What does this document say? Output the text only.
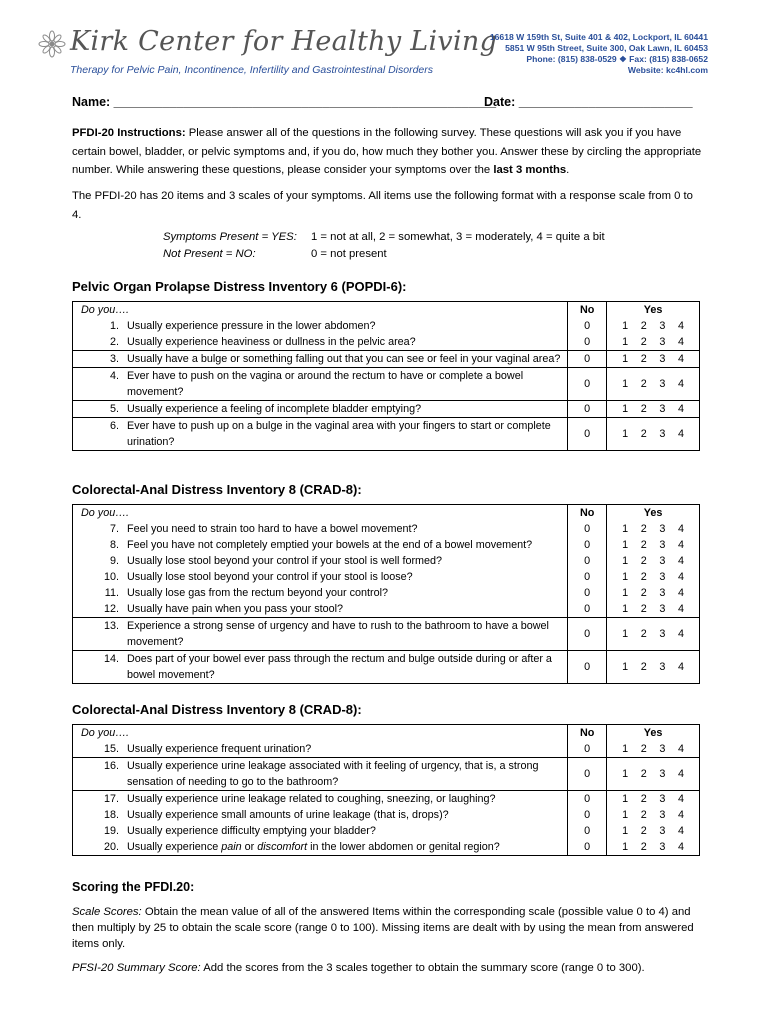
Kirk Center for Healthy Living
Therapy for Pelvic Pain, Incontinence, Infertility and Gastrointestinal Disorders
16618 W 159th St, Suite 401 & 402, Lockport, IL 60441
5851 W 95th Street, Suite 300, Oak Lawn, IL 60453
Phone: (815) 838-0529 ❖ Fax: (815) 838-0652
Website: kc4hl.com
Name: _______________________________________________________
Date: _________________________
PFDI-20 Instructions: Please answer all of the questions in the following survey. These questions will ask you if you have certain bowel, bladder, or pelvic symptoms and, if you do, how much they bother you. Answer these by circling the appropriate number. While answering these questions, please consider your symptoms over the last 3 months.
The PFDI-20 has 20 items and 3 scales of your symptoms. All items use the following format with a response scale from 0 to 4.
Symptoms Present = YES: 1 = not at all, 2 = somewhat, 3 = moderately, 4 = quite a bit
Not Present = NO:	0 = not present
Pelvic Organ Prolapse Distress Inventory 6 (POPDI-6):
Do you….	No	Yes

1. Usually experience pressure in the lower abdomen?	0	1 2 3 4

2. Usually experience heaviness or dullness in the pelvic area?	0	1 2 3 4

3. Usually have a bulge or something falling out that you can see or feel in your vaginal area?	0	1 2 3 4

4. Ever have to push on the vagina or around the rectum to have or complete a bowel movement?	0	1 2 3 4

5. Usually experience a feeling of incomplete bladder emptying?	0	1 2 3 4

6. Ever have to push up on a bulge in the vaginal area with your fingers to start or complete urination?	0	1 2 3 4
Colorectal-Anal Distress Inventory 8 (CRAD-8):
Do you….	No	Yes

7. Feel you need to strain too hard to have a bowel movement?	0	1 2 3 4

8. Feel you have not completely emptied your bowels at the end of a bowel movement?	0	1 2 3 4

9. Usually lose stool beyond your control if your stool is well formed?	0	1 2 3 4

10. Usually lose stool beyond your control if your stool is loose?	0	1 2 3 4

11. Usually lose gas from the rectum beyond your control?	0	1 2 3 4

12. Usually have pain when you pass your stool?	0	1 2 3 4

13. Experience a strong sense of urgency and have to rush to the bathroom to have a bowel movement?	0	1 2 3 4

14. Does part of your bowel ever pass through the rectum and bulge outside during or after a bowel movement?	0	1 2 3 4
Colorectal-Anal Distress Inventory 8 (CRAD-8):
Do you….	No	Yes

15. Usually experience frequent urination?	0	1 2 3 4

16. Usually experience urine leakage associated with it feeling of urgency, that is, a strong sensation of needing to go to the bathroom?	0	1 2 3 4

17. Usually experience urine leakage related to coughing, sneezing, or laughing?	0	1 2 3 4

18. Usually experience small amounts of urine leakage (that is, drops)?	0	1 2 3 4

19. Usually experience difficulty emptying your bladder?	0	1 2 3 4

20. Usually experience pain or discomfort in the lower abdomen or genital region?	0	1 2 3 4
Scoring the PFDI.20:
Scale Scores: Obtain the mean value of all of the answered Items within the corresponding scale (possible value 0 to 4) and then multiply by 25 to obtain the scale score (range 0 to 100). Missing items are dealt with by using the mean from answered items only.
PFSI-20 Summary Score: Add the scores from the 3 scales together to obtain the summary score (range 0 to 300).
